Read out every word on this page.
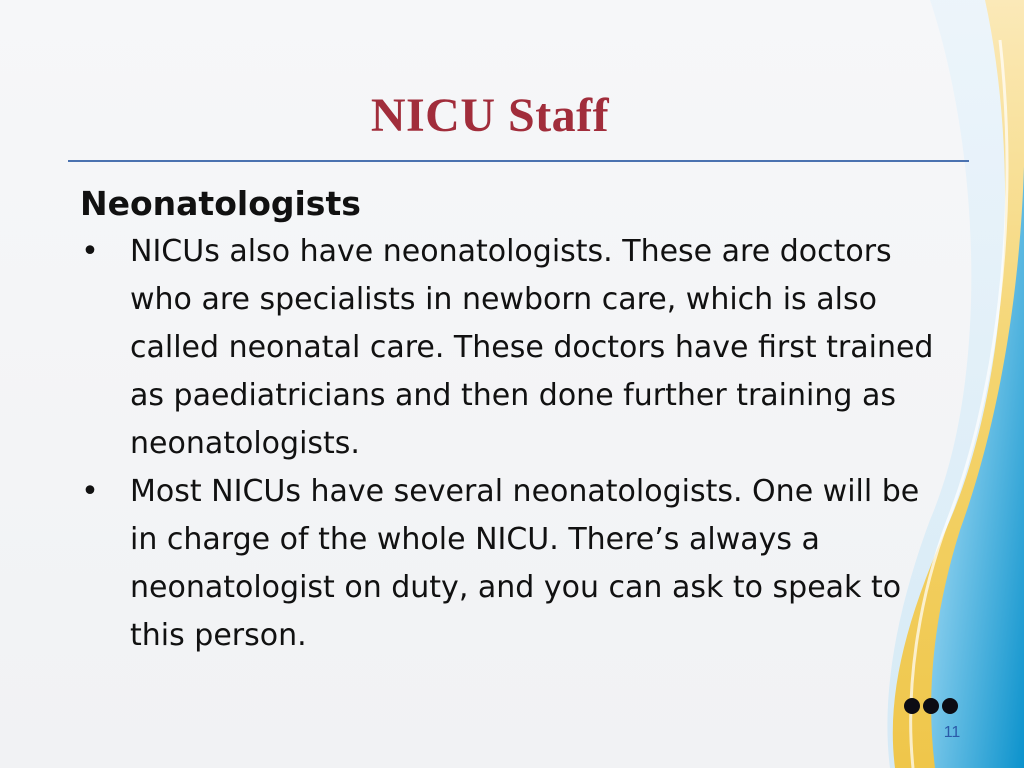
NICU Staff

Neonatologists

• NICUs also have neonatologists. These are doctors who are specialists in newborn care, which is also called neonatal care. These doctors have first trained as paediatricians and then done further training as neonatologists.
• Most NICUs have several neonatologists. One will be in charge of the whole NICU. There’s always a neonatologist on duty, and you can ask to speak to this person.
11
